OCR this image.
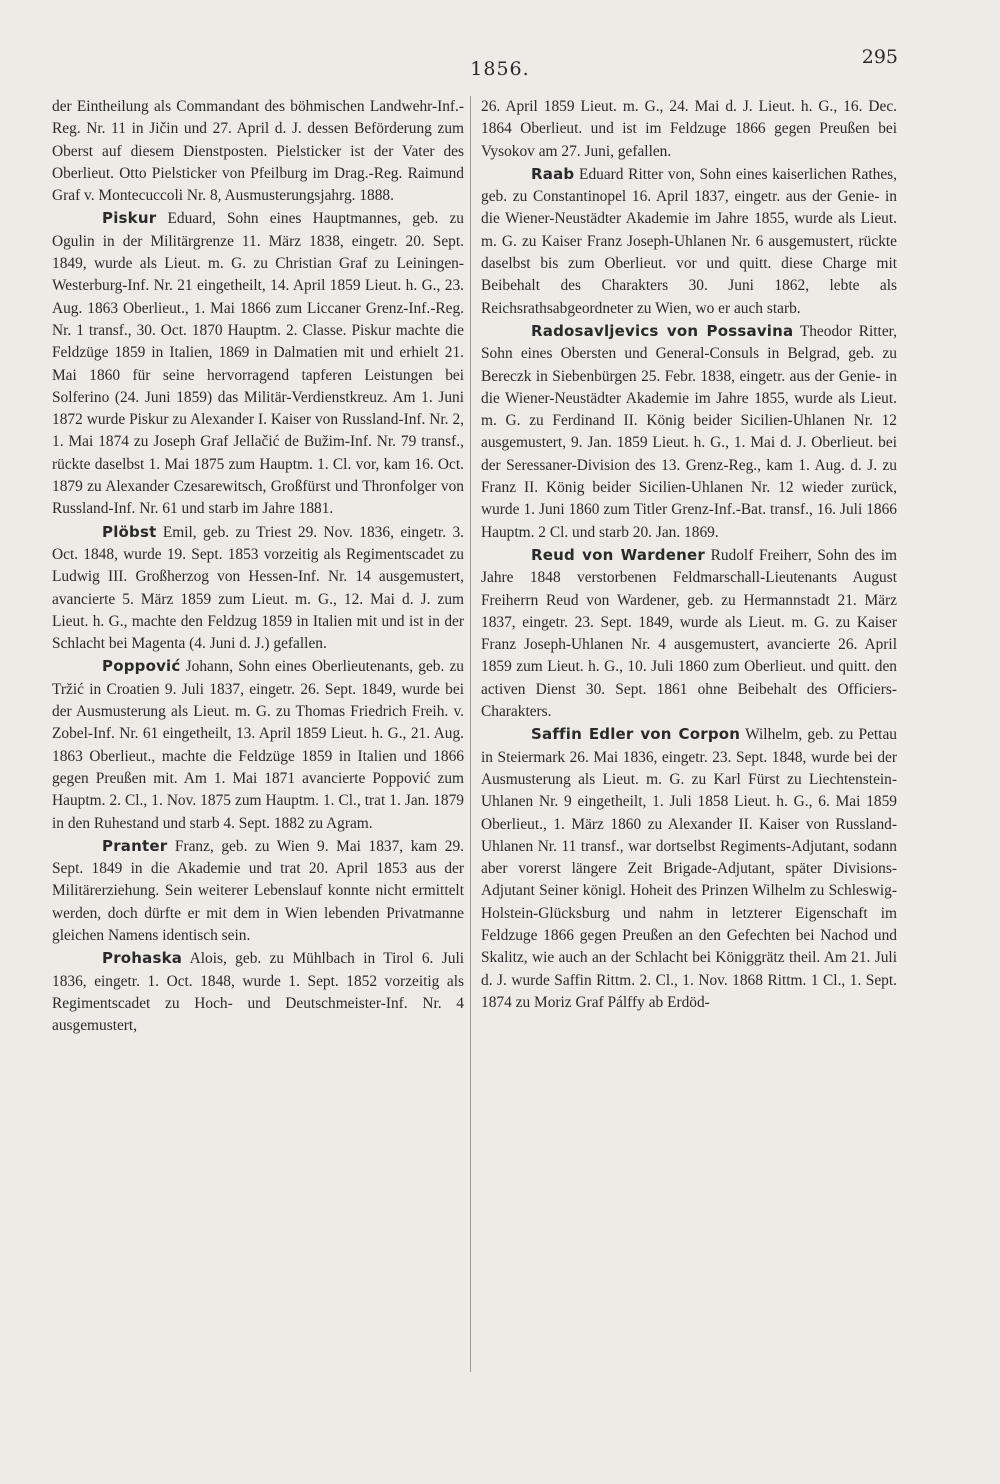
1856.
295

der Eintheilung als Commandant des böhmischen Landwehr-Inf.-Reg. Nr. 11 in Jičin und 27. April d. J. dessen Beförderung zum Oberst auf diesem Dienstposten. Pielsticker ist der Vater des Oberlieut. Otto Pielsticker von Pfeilburg im Drag.-Reg. Raimund Graf v. Montecuccoli Nr. 8, Ausmusterungsjahrg. 1888.

Piskur Eduard, Sohn eines Hauptmannes, geb. zu Ogulin in der Militärgrenze 11. März 1838, eingetr. 20. Sept. 1849, wurde als Lieut. m. G. zu Christian Graf zu Leiningen-Westerburg-Inf. Nr. 21 eingetheilt, 14. April 1859 Lieut. h. G., 23. Aug. 1863 Oberlieut., 1. Mai 1866 zum Liccaner Grenz-Inf.-Reg. Nr. 1 transf., 30. Oct. 1870 Hauptm. 2. Classe. Piskur machte die Feldzüge 1859 in Italien, 1869 in Dalmatien mit und erhielt 21. Mai 1860 für seine hervorragend tapferen Leistungen bei Solferino (24. Juni 1859) das Militär-Verdienstkreuz. Am 1. Juni 1872 wurde Piskur zu Alexander I. Kaiser von Russland-Inf. Nr. 2, 1. Mai 1874 zu Joseph Graf Jellačić de Bužim-Inf. Nr. 79 transf., rückte daselbst 1. Mai 1875 zum Hauptm. 1. Cl. vor, kam 16. Oct. 1879 zu Alexander Czesarewitsch, Großfürst und Thronfolger von Russland-Inf. Nr. 61 und starb im Jahre 1881.

Plöbst Emil, geb. zu Triest 29. Nov. 1836, eingetr. 3. Oct. 1848, wurde 19. Sept. 1853 vorzeitig als Regimentscadet zu Ludwig III. Großherzog von Hessen-Inf. Nr. 14 ausgemustert, avancierte 5. März 1859 zum Lieut. m. G., 12. Mai d. J. zum Lieut. h. G., machte den Feldzug 1859 in Italien mit und ist in der Schlacht bei Magenta (4. Juni d. J.) gefallen.

Poppović Johann, Sohn eines Oberlieutenants, geb. zu Tržić in Croatien 9. Juli 1837, eingetr. 26. Sept. 1849, wurde bei der Ausmusterung als Lieut. m. G. zu Thomas Friedrich Freih. v. Zobel-Inf. Nr. 61 eingetheilt, 13. April 1859 Lieut. h. G., 21. Aug. 1863 Oberlieut., machte die Feldzüge 1859 in Italien und 1866 gegen Preußen mit. Am 1. Mai 1871 avancierte Poppović zum Hauptm. 2. Cl., 1. Nov. 1875 zum Hauptm. 1. Cl., trat 1. Jan. 1879 in den Ruhestand und starb 4. Sept. 1882 zu Agram.

Pranter Franz, geb. zu Wien 9. Mai 1837, kam 29. Sept. 1849 in die Akademie und trat 20. April 1853 aus der Militärerziehung. Sein weiterer Lebenslauf konnte nicht ermittelt werden, doch dürfte er mit dem in Wien lebenden Privatmanne gleichen Namens identisch sein.

Prohaska Alois, geb. zu Mühlbach in Tirol 6. Juli 1836, eingetr. 1. Oct. 1848, wurde 1. Sept. 1852 vorzeitig als Regimentscadet zu Hoch- und Deutschmeister-Inf. Nr. 4 ausgemustert,

26. April 1859 Lieut. m. G., 24. Mai d. J. Lieut. h. G., 16. Dec. 1864 Oberlieut. und ist im Feldzuge 1866 gegen Preußen bei Vysokov am 27. Juni, gefallen.

Raab Eduard Ritter von, Sohn eines kaiserlichen Rathes, geb. zu Constantinopel 16. April 1837, eingetr. aus der Genie- in die Wiener-Neustädter Akademie im Jahre 1855, wurde als Lieut. m. G. zu Kaiser Franz Joseph-Uhlanen Nr. 6 ausgemustert, rückte daselbst bis zum Oberlieut. vor und quitt. diese Charge mit Beibehalt des Charakters 30. Juni 1862, lebte als Reichsrathsabgeordneter zu Wien, wo er auch starb.

Radosavljevics von Possavina Theodor Ritter, Sohn eines Obersten und General-Consuls in Belgrad, geb. zu Bereczk in Siebenbürgen 25. Febr. 1838, eingetr. aus der Genie- in die Wiener-Neustädter Akademie im Jahre 1855, wurde als Lieut. m. G. zu Ferdinand II. König beider Sicilien-Uhlanen Nr. 12 ausgemustert, 9. Jan. 1859 Lieut. h. G., 1. Mai d. J. Oberlieut. bei der Seressaner-Division des 13. Grenz-Reg., kam 1. Aug. d. J. zu Franz II. König beider Sicilien-Uhlanen Nr. 12 wieder zurück, wurde 1. Juni 1860 zum Titler Grenz-Inf.-Bat. transf., 16. Juli 1866 Hauptm. 2 Cl. und starb 20. Jan. 1869.

Reud von Wardener Rudolf Freiherr, Sohn des im Jahre 1848 verstorbenen Feldmarschall-Lieutenants August Freiherrn Reud von Wardener, geb. zu Hermannstadt 21. März 1837, eingetr. 23. Sept. 1849, wurde als Lieut. m. G. zu Kaiser Franz Joseph-Uhlanen Nr. 4 ausgemustert, avancierte 26. April 1859 zum Lieut. h. G., 10. Juli 1860 zum Oberlieut. und quitt. den activen Dienst 30. Sept. 1861 ohne Beibehalt des Officiers-Charakters.

Saffin Edler von Corpon Wilhelm, geb. zu Pettau in Steiermark 26. Mai 1836, eingetr. 23. Sept. 1848, wurde bei der Ausmusterung als Lieut. m. G. zu Karl Fürst zu Liechtenstein-Uhlanen Nr. 9 eingetheilt, 1. Juli 1858 Lieut. h. G., 6. Mai 1859 Oberlieut., 1. März 1860 zu Alexander II. Kaiser von Russland-Uhlanen Nr. 11 transf., war dortselbst Regiments-Adjutant, sodann aber vorerst längere Zeit Brigade-Adjutant, später Divisions-Adjutant Seiner königl. Hoheit des Prinzen Wilhelm zu Schleswig-Holstein-Glücksburg und nahm in letzterer Eigenschaft im Feldzuge 1866 gegen Preußen an den Gefechten bei Nachod und Skalitz, wie auch an der Schlacht bei Königgrätz theil. Am 21. Juli d. J. wurde Saffin Rittm. 2. Cl., 1. Nov. 1868 Rittm. 1 Cl., 1. Sept. 1874 zu Moriz Graf Pálffy ab Erdöd-
